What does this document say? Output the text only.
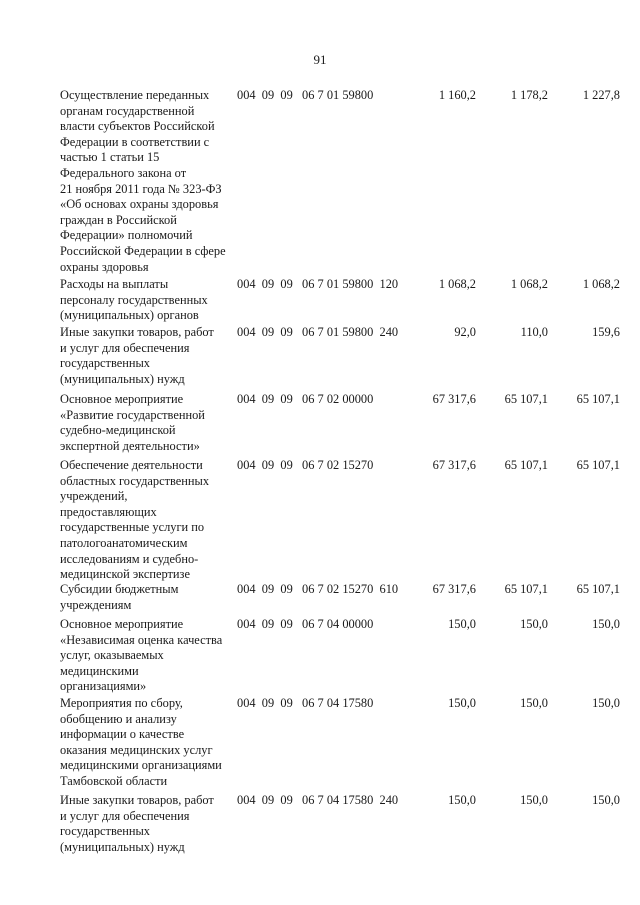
91
Осуществление переданных
органам государственной
власти субъектов Российской
Федерации в соответствии с
частью 1 статьи 15
Федерального закона от
21 ноября 2011 года № 323-ФЗ
«Об основах охраны здоровья
граждан в Российской
Федерации» полномочий
Российской Федерации в сфере
охраны здоровья
004  09  09   06 7 01 59800	1 160,2	1 178,2	1 227,8
Расходы на выплаты
персоналу государственных
(муниципальных) органов
004  09  09   06 7 01 59800  120	1 068,2	1 068,2	1 068,2
Иные закупки товаров, работ
и услуг для обеспечения
государственных
(муниципальных) нужд
004  09  09   06 7 01 59800  240	92,0	110,0	159,6
Основное мероприятие
«Развитие государственной
судебно-медицинской
экспертной деятельности»
004  09  09   06 7 02 00000	67 317,6	65 107,1	65 107,1
Обеспечение деятельности
областных государственных
учреждений,
предоставляющих
государственные услуги по
патологоанатомическим
исследованиям и судебно-
медицинской экспертизе
004  09  09   06 7 02 15270	67 317,6	65 107,1	65 107,1
Субсидии бюджетным
учреждениям
004  09  09   06 7 02 15270  610	67 317,6	65 107,1	65 107,1
Основное мероприятие
«Независимая оценка качества
услуг, оказываемых
медицинскими
организациями»
004  09  09   06 7 04 00000	150,0	150,0	150,0
Мероприятия по сбору,
обобщению и анализу
информации о качестве
оказания медицинских услуг
медицинскими организациями
Тамбовской области
004  09  09   06 7 04 17580	150,0	150,0	150,0
Иные закупки товаров, работ
и услуг для обеспечения
государственных
(муниципальных) нужд
004  09  09   06 7 04 17580  240	150,0	150,0	150,0
